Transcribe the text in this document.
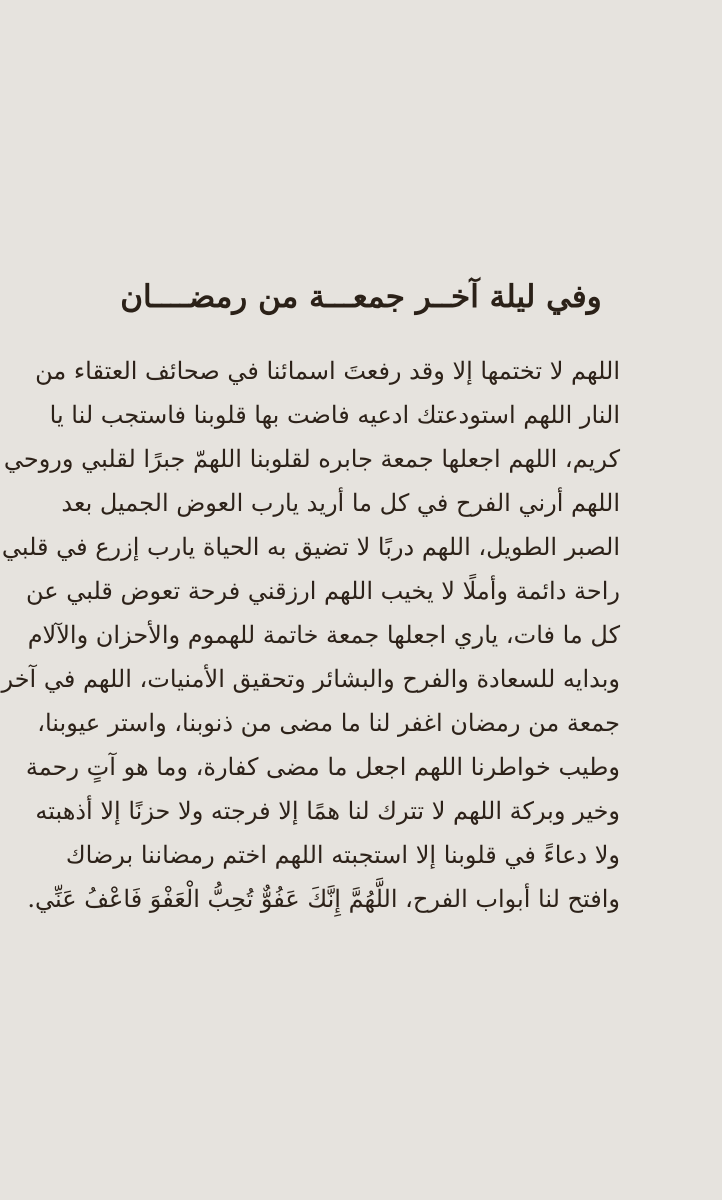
وفي ليلة آخــر جمعـــة من رمضــــان
اللهم لا تختمها إلا وقد رفعتَ اسمائنا في صحائف العتقاء من
النار اللهم استودعتك ادعيه فاضت بها قلوبنا فاستجب لنا يا
كريم، اللهم اجعلها جمعة جابره لقلوبنا اللهمّ جبرًا لقلبي وروحي
اللهم أرني الفرح في كل ما أريد يارب العوض الجميل بعد
الصبر الطويل، اللهم دربًا لا تضيق به الحياة يارب إزرع في قلبي
راحة دائمة وأملًا لا يخيب اللهم ارزقني فرحة تعوض قلبي عن
كل ما فات، ياري اجعلها جمعة خاتمة للهموم والأحزان والآلام
وبدايه للسعادة والفرح والبشائر وتحقيق الأمنيات، اللهم في آخر
جمعة من رمضان اغفر لنا ما مضى من ذنوبنا، واستر عيوبنا،
وطيب خواطرنا اللهم اجعل ما مضى كفارة، وما هو آتٍ رحمة
وخير وبركة اللهم لا تترك لنا همًا إلا فرجته ولا حزنًا إلا أذهبته
ولا دعاءً في قلوبنا إلا استجبته اللهم اختم رمضاننا برضاك
وافتح لنا أبواب الفرح، اللَّهُمَّ إِنَّكَ عَفُوٌّ تُحِبُّ الْعَفْوَ فَاعْفُ عَنِّي.
